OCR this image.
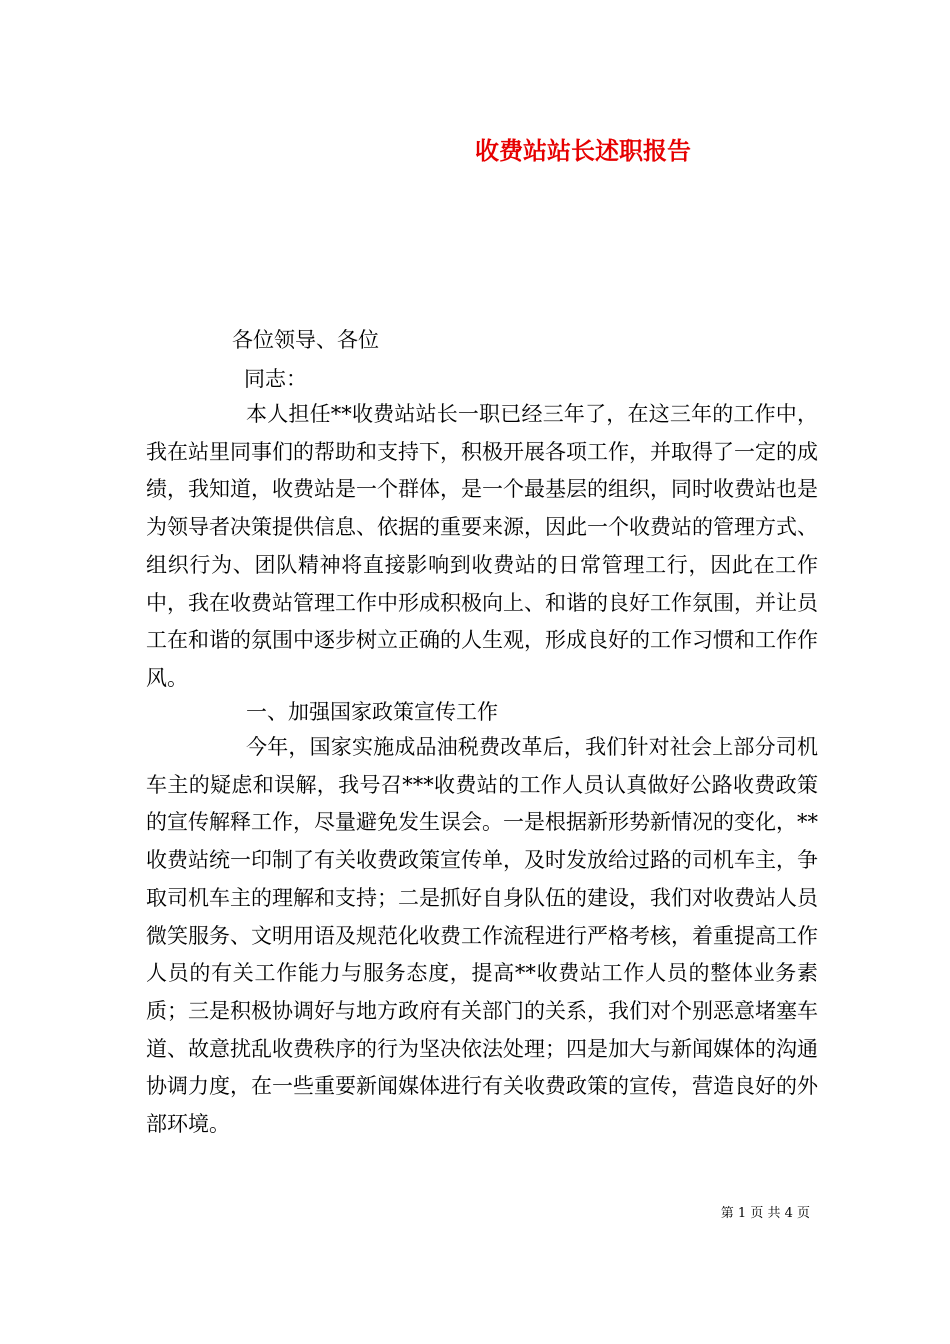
收费站站长述职报告

各位领导、各位

同志：

本人担任**收费站站长一职已经三年了，在这三年的工作中，我在站里同事们的帮助和支持下，积极开展各项工作，并取得了一定的成绩，我知道，收费站是一个群体，是一个最基层的组织，同时收费站也是为领导者决策提供信息、依据的重要来源，因此一个收费站的管理方式、组织行为、团队精神将直接影响到收费站的日常管理工行，因此在工作中，我在收费站管理工作中形成积极向上、和谐的良好工作氛围，并让员工在和谐的氛围中逐步树立正确的人生观，形成良好的工作习惯和工作作风。

一、加强国家政策宣传工作

今年，国家实施成品油税费改革后，我们针对社会上部分司机车主的疑虑和误解，我号召***收费站的工作人员认真做好公路收费政策的宣传解释工作，尽量避免发生误会。一是根据新形势新情况的变化，**收费站统一印制了有关收费政策宣传单，及时发放给过路的司机车主，争取司机车主的理解和支持；二是抓好自身队伍的建设，我们对收费站人员微笑服务、文明用语及规范化收费工作流程进行严格考核，着重提高工作人员的有关工作能力与服务态度，提高**收费站工作人员的整体业务素质；三是积极协调好与地方政府有关部门的关系，我们对个别恶意堵塞车道、故意扰乱收费秩序的行为坚决依法处理；四是加大与新闻媒体的沟通协调力度，在一些重要新闻媒体进行有关收费政策的宣传，营造良好的外部环境。

第 1 页 共 4 页
